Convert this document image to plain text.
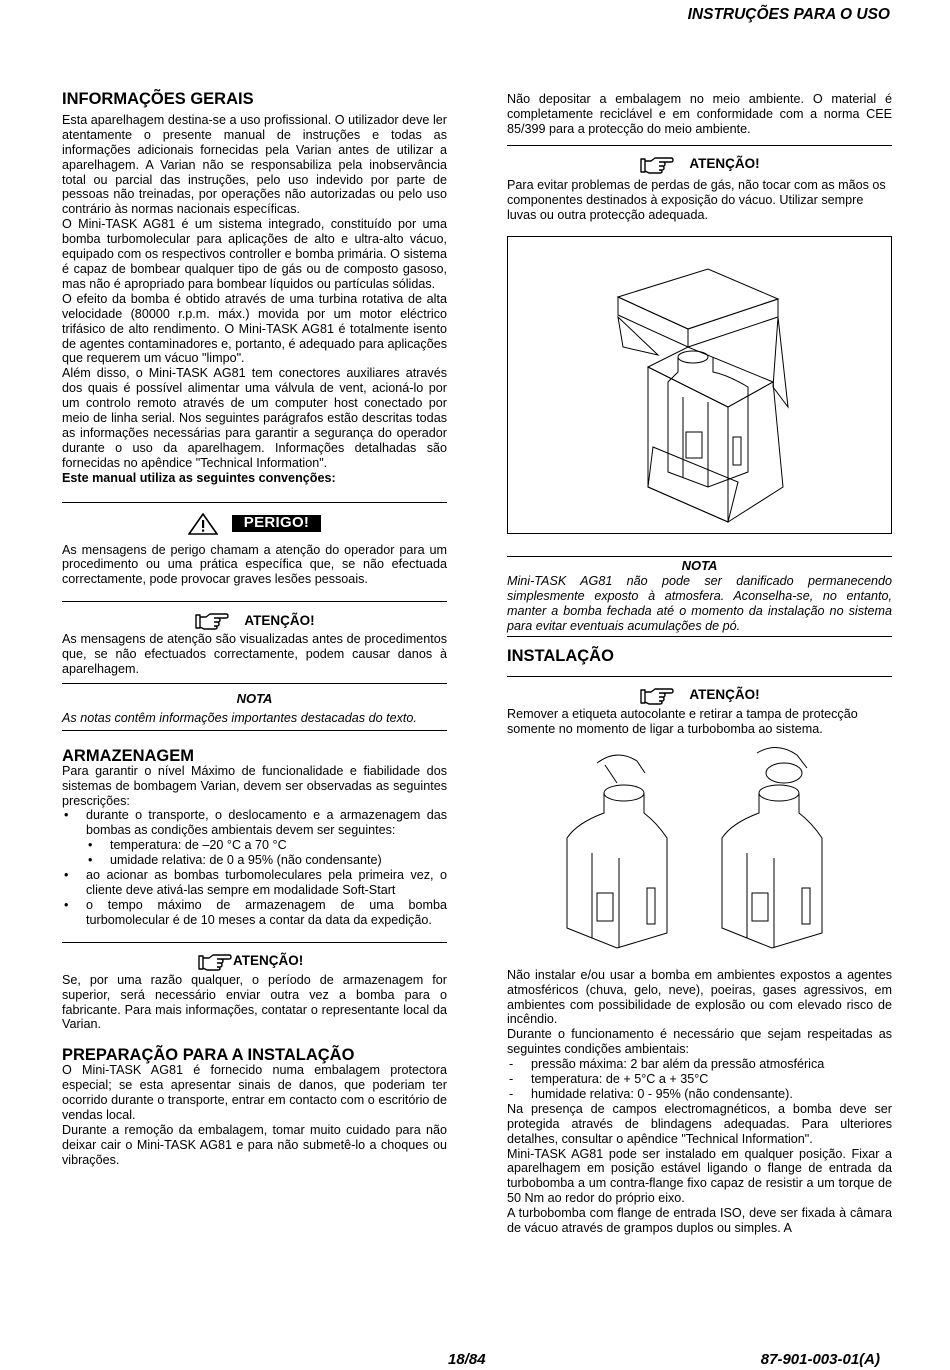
INSTRUÇÕES PARA O USO
INFORMAÇÕES GERAIS

Esta aparelhagem destina-se a uso profissional. O utilizador deve ler atentamente o presente manual de instruções e todas as informações adicionais fornecidas pela Varian antes de utilizar a aparelhagem. A Varian não se responsabiliza pela inobservância total ou parcial das instruções, pelo uso indevido por parte de pessoas não treinadas, por operações não autorizadas ou pelo uso contrário às normas nacionais específicas.

O Mini-TASK AG81 é um sistema integrado, constituído por uma bomba turbomolecular para aplicações de alto e ultra-alto vácuo, equipado com os respectivos controller e bomba primária. O sistema é capaz de bombear qualquer tipo de gás ou de composto gasoso, mas não é apropriado para bombear líquidos ou partículas sólidas.

O efeito da bomba é obtido através de uma turbina rotativa de alta velocidade (80000 r.p.m. máx.) movida por um motor eléctrico trifásico de alto rendimento. O Mini-TASK AG81 é totalmente isento de agentes contaminadores e, portanto, é adequado para aplicações que requerem um vácuo "limpo".

Além disso, o Mini-TASK AG81 tem conectores auxiliares através dos quais é possível alimentar uma válvula de vent, acioná-lo por um controlo remoto através de um computer host conectado por meio de linha serial. Nos seguintes parágrafos estão descritas todas as informações necessárias para garantir a segurança do operador durante o uso da aparelhagem. Informações detalhadas são fornecidas no apêndice "Technical Information".

Este manual utiliza as seguintes convenções:

PERIGO!

As mensagens de perigo chamam a atenção do operador para um procedimento ou uma prática específica que, se não efectuada correctamente, pode provocar graves lesões pessoais.

ATENÇÃO!

As mensagens de atenção são visualizadas antes de procedimentos que, se não efectuados correctamente, podem causar danos à aparelhagem.

NOTA

As notas contêm informações importantes destacadas do texto.

ARMAZENAGEM

Para garantir o nível Máximo de funcionalidade e fiabilidade dos sistemas de bombagem Varian, devem ser observadas as seguintes prescrições:

• durante o transporte, o deslocamento e a armazenagem das bombas as condições ambientais devem ser seguintes:
• temperatura: de –20 °C a 70 °C
• umidade relativa: de 0 a 95% (não condensante)
• ao acionar as bombas turbomoleculares pela primeira vez, o cliente deve ativá-las sempre em modalidade Soft-Start
• o tempo máximo de armazenagem de uma bomba turbomolecular é de 10 meses a contar da data da expedição.
ATENÇÃO!

Se, por uma razão qualquer, o período de armazenagem for superior, será necessário enviar outra vez a bomba para o fabricante. Para mais informações, contatar o representante local da Varian.

PREPARAÇÃO PARA A INSTALAÇÃO

O Mini-TASK AG81 é fornecido numa embalagem protectora especial; se esta apresentar sinais de danos, que poderiam ter ocorrido durante o transporte, entrar em contacto com o escritório de vendas local.

Durante a remoção da embalagem, tomar muito cuidado para não deixar cair o Mini-TASK AG81 e para não submetê-lo a choques ou vibrações.

Não depositar a embalagem no meio ambiente. O material é completamente reciclável e em conformidade com a norma CEE 85/399 para a protecção do meio ambiente.

ATENÇÃO!

Para evitar problemas de perdas de gás, não tocar com as mãos os componentes destinados à exposição do vácuo. Utilizar sempre luvas ou outra protecção adequada.

NOTA

Mini-TASK AG81 não pode ser danificado permanecendo simplesmente exposto à atmosfera. Aconselha-se, no entanto, manter a bomba fechada até o momento da instalação no sistema para evitar eventuais acumulações de pó.

INSTALAÇÃO
ATENÇÃO!

Remover a etiqueta autocolante e retirar a tampa de protecção somente no momento de ligar a turbobomba ao sistema.

Não instalar e/ou usar a bomba em ambientes expostos a agentes atmosféricos (chuva, gelo, neve), poeiras, gases agressivos, em ambientes com possibilidade de explosão ou com elevado risco de incêndio.

Durante o funcionamento é necessário que sejam respeitadas as seguintes condições ambientais:

- pressão máxima: 2 bar além da pressão atmosférica
- temperatura: de + 5°C a + 35°C
- humidade relativa: 0 - 95% (não condensante).

Na presença de campos electromagnéticos, a bomba deve ser protegida através de blindagens adequadas. Para ulteriores detalhes, consultar o apêndice "Technical Information".

Mini-TASK AG81 pode ser instalado em qualquer posição. Fixar a aparelhagem em posição estável ligando o flange de entrada da turbobomba a um contra-flange fixo capaz de resistir a um torque de 50 Nm ao redor do próprio eixo.

A turbobomba com flange de entrada ISO, deve ser fixada à câmara de vácuo através de grampos duplos ou simples. A

18/84	87-901-003-01(A)
